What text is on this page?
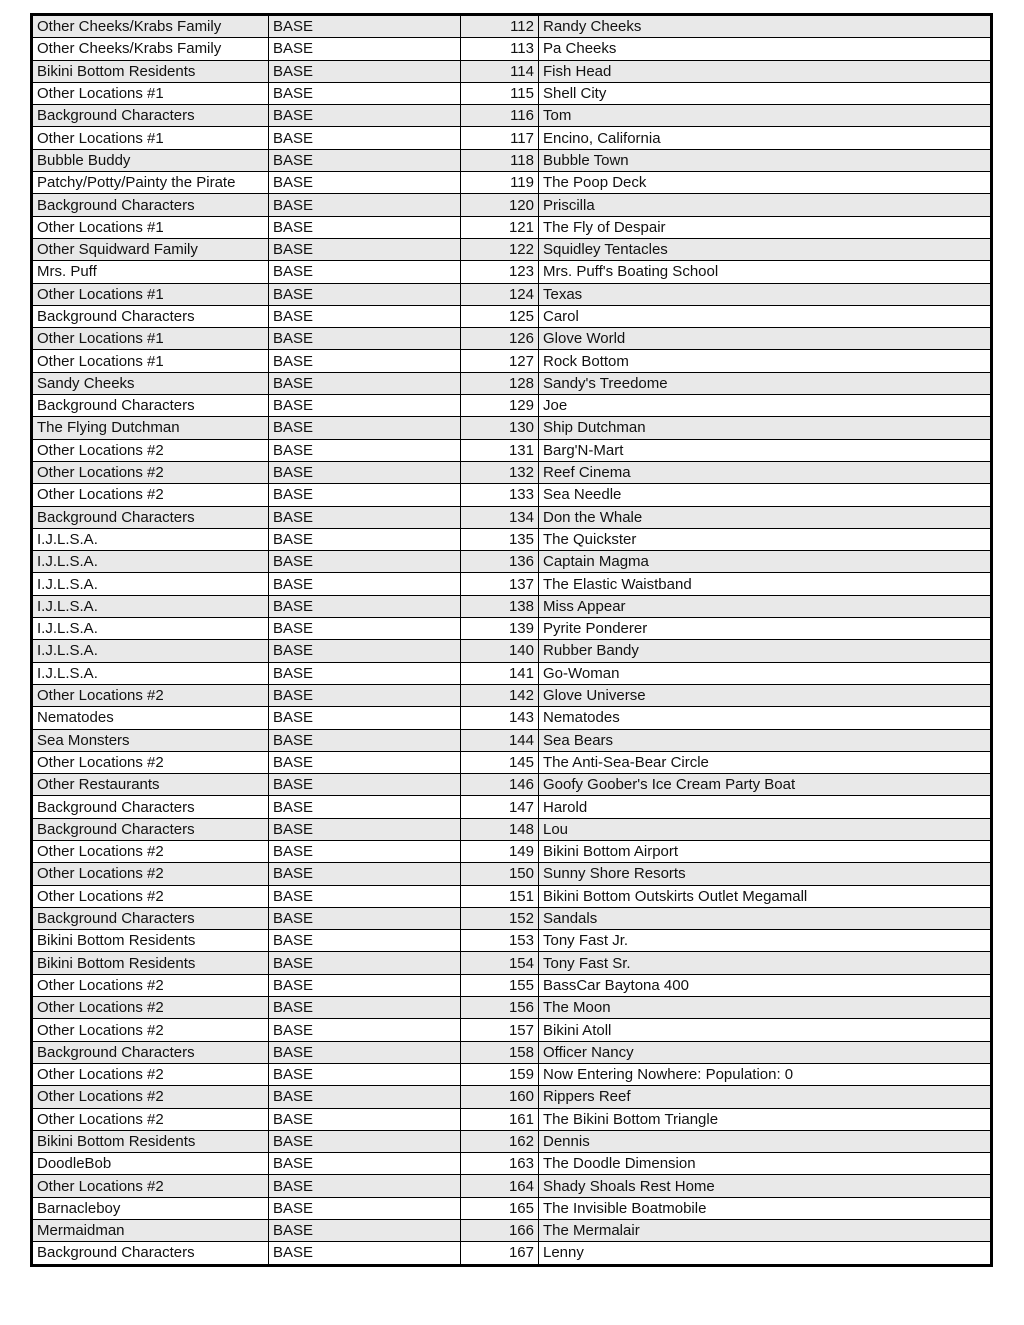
Other Cheeks/Krabs Family	BASE	112	Randy Cheeks
Other Cheeks/Krabs Family	BASE	113	Pa Cheeks
Bikini Bottom Residents	BASE	114	Fish Head
Other Locations #1	BASE	115	Shell City
Background Characters	BASE	116	Tom
Other Locations #1	BASE	117	Encino, California
Bubble Buddy	BASE	118	Bubble Town
Patchy/Potty/Painty the Pirate	BASE	119	The Poop Deck
Background Characters	BASE	120	Priscilla
Other Locations #1	BASE	121	The Fly of Despair
Other Squidward Family	BASE	122	Squidley Tentacles
Mrs. Puff	BASE	123	Mrs. Puff's Boating School
Other Locations #1	BASE	124	Texas
Background Characters	BASE	125	Carol
Other Locations #1	BASE	126	Glove World
Other Locations #1	BASE	127	Rock Bottom
Sandy Cheeks	BASE	128	Sandy's Treedome
Background Characters	BASE	129	Joe
The Flying Dutchman	BASE	130	Ship Dutchman
Other Locations #2	BASE	131	Barg'N-Mart
Other Locations #2	BASE	132	Reef Cinema
Other Locations #2	BASE	133	Sea Needle
Background Characters	BASE	134	Don the Whale
I.J.L.S.A.	BASE	135	The Quickster
I.J.L.S.A.	BASE	136	Captain Magma
I.J.L.S.A.	BASE	137	The Elastic Waistband
I.J.L.S.A.	BASE	138	Miss Appear
I.J.L.S.A.	BASE	139	Pyrite Ponderer
I.J.L.S.A.	BASE	140	Rubber Bandy
I.J.L.S.A.	BASE	141	Go-Woman
Other Locations #2	BASE	142	Glove Universe
Nematodes	BASE	143	Nematodes
Sea Monsters	BASE	144	Sea Bears
Other Locations #2	BASE	145	The Anti-Sea-Bear Circle
Other Restaurants	BASE	146	Goofy Goober's Ice Cream Party Boat
Background Characters	BASE	147	Harold
Background Characters	BASE	148	Lou
Other Locations #2	BASE	149	Bikini Bottom Airport
Other Locations #2	BASE	150	Sunny Shore Resorts
Other Locations #2	BASE	151	Bikini Bottom Outskirts Outlet Megamall
Background Characters	BASE	152	Sandals
Bikini Bottom Residents	BASE	153	Tony Fast Jr.
Bikini Bottom Residents	BASE	154	Tony Fast Sr.
Other Locations #2	BASE	155	BassCar Baytona 400
Other Locations #2	BASE	156	The Moon
Other Locations #2	BASE	157	Bikini Atoll
Background Characters	BASE	158	Officer Nancy
Other Locations #2	BASE	159	Now Entering Nowhere: Population: 0
Other Locations #2	BASE	160	Rippers Reef
Other Locations #2	BASE	161	The Bikini Bottom Triangle
Bikini Bottom Residents	BASE	162	Dennis
DoodleBob	BASE	163	The Doodle Dimension
Other Locations #2	BASE	164	Shady Shoals Rest Home
Barnacleboy	BASE	165	The Invisible Boatmobile
Mermaidman	BASE	166	The Mermalair
Background Characters	BASE	167	Lenny
